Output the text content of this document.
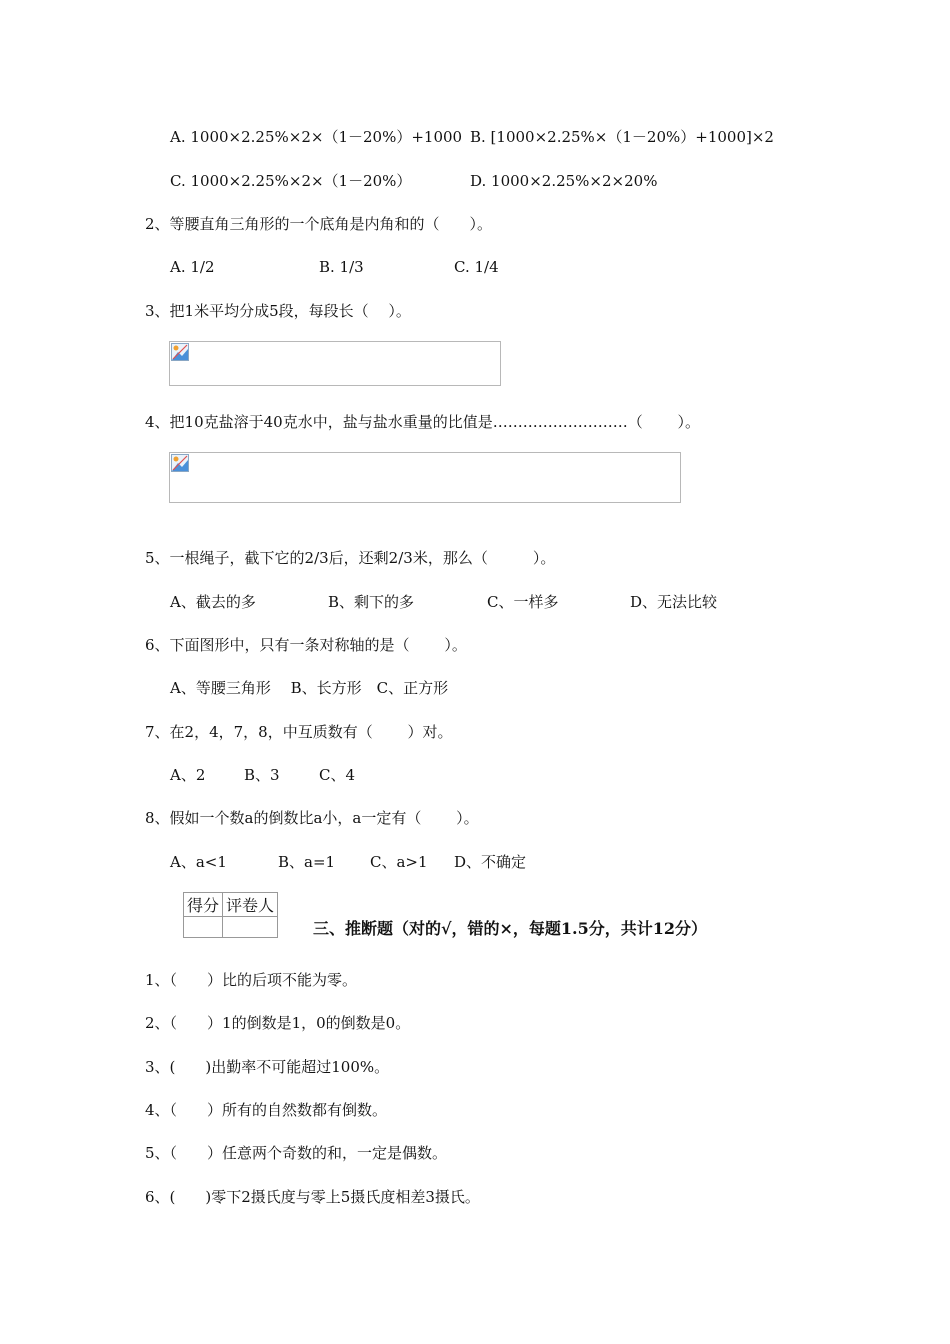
A. 1000×2.25%×2×（1－20%）+1000 B. [1000×2.25%×（1－20%）+1000]×2
C. 1000×2.25%×2×（1－20%）	D. 1000×2.25%×2×20%
2、等腰直角三角形的一个底角是内角和的（　　）。
A. 1/2	B. 1/3	C. 1/4
3、把1米平均分成5段，每段长（　 ）。
4、把10克盐溶于40克水中，盐与盐水重量的比值是………………………（　　 ）。
5、一根绳子，截下它的2/3后，还剩2/3米，那么（　　　）。
A、截去的多	B、剩下的多	C、一样多	D、无法比较
6、下面图形中，只有一条对称轴的是（　　 ）。
A、等腰三角形　 B、长方形　C、正方形
7、在2，4，7，8，中互质数有（　　 ）对。
A、2	B、3	C、4
8、假如一个数a的倒数比a小，a一定有（　　 ）。
A、a<1	B、a=1 C、a>1 D、不确定
得分	评卷人

三、推断题（对的√，错的×，每题1.5分，共计12分）
1、（　　）比的后项不能为零。
2、（　　）1的倒数是1，0的倒数是0。
3、(　　)出勤率不可能超过100%。
4、（　　）所有的自然数都有倒数。
5、（　　）任意两个奇数的和，一定是偶数。
6、(　　)零下2摄氏度与零上5摄氏度相差3摄氏。
